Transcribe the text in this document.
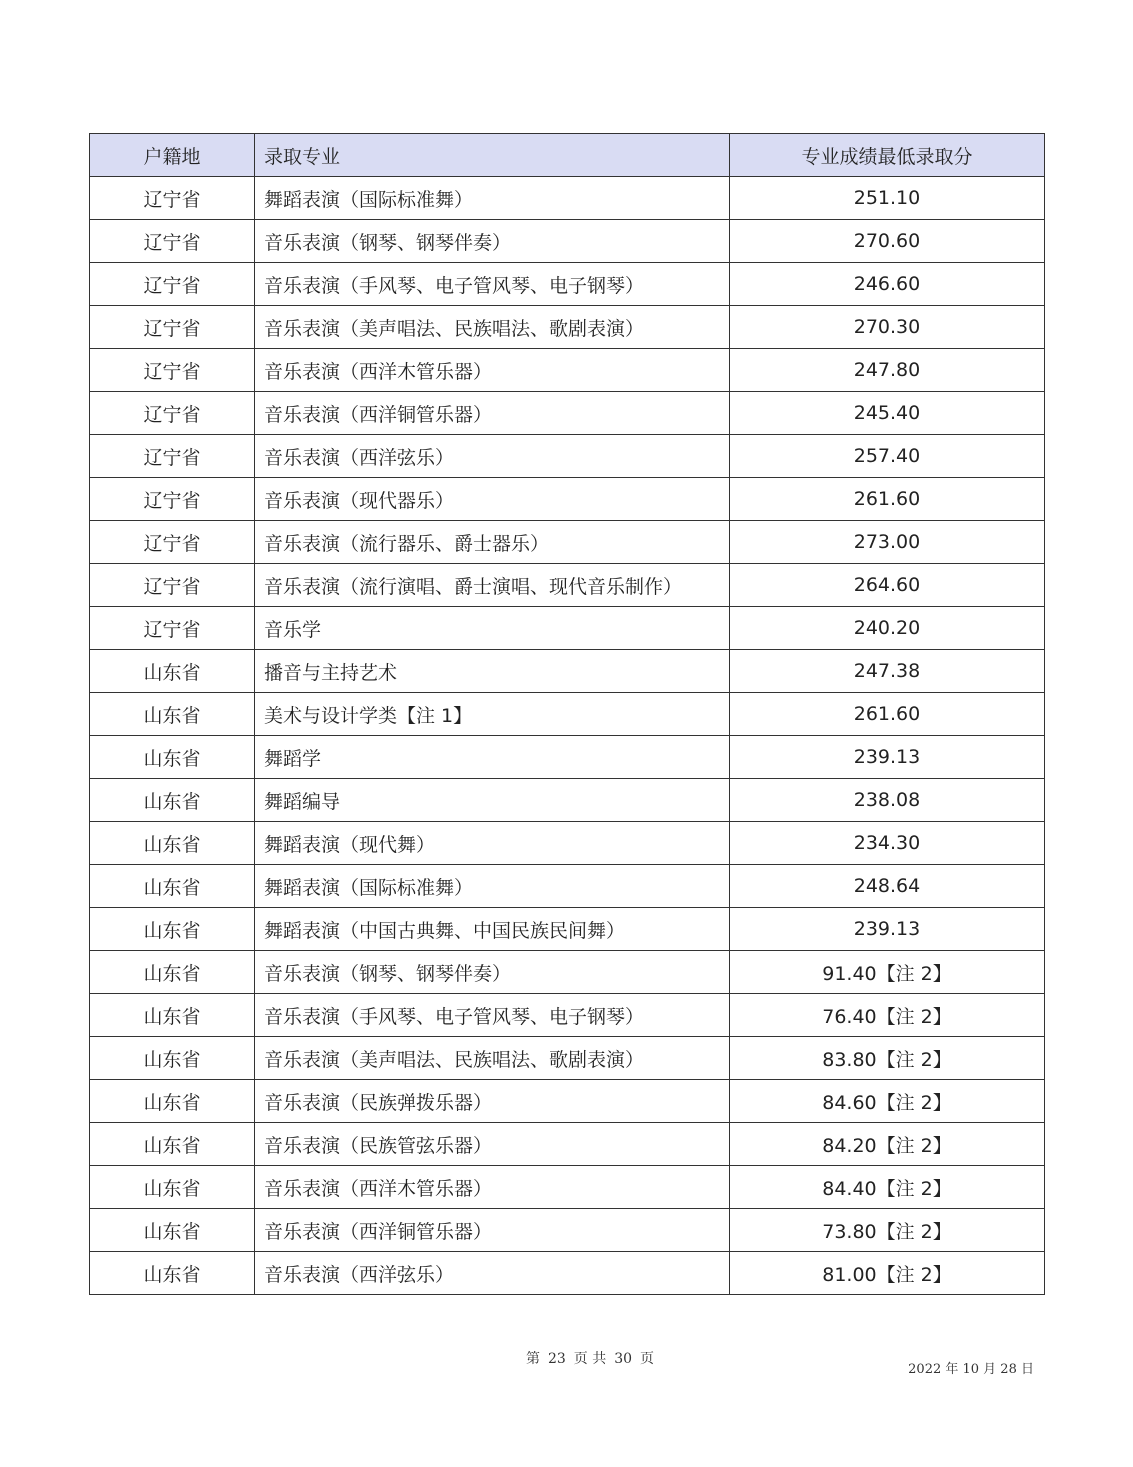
户籍地	录取专业	专业成绩最低录取分
辽宁省	舞蹈表演（国际标准舞）	251.10
辽宁省	音乐表演（钢琴、钢琴伴奏）	270.60
辽宁省	音乐表演（手风琴、电子管风琴、电子钢琴）	246.60
辽宁省	音乐表演（美声唱法、民族唱法、歌剧表演）	270.30
辽宁省	音乐表演（西洋木管乐器）	247.80
辽宁省	音乐表演（西洋铜管乐器）	245.40
辽宁省	音乐表演（西洋弦乐）	257.40
辽宁省	音乐表演（现代器乐）	261.60
辽宁省	音乐表演（流行器乐、爵士器乐）	273.00
辽宁省	音乐表演（流行演唱、爵士演唱、现代音乐制作）	264.60
辽宁省	音乐学	240.20
山东省	播音与主持艺术	247.38
山东省	美术与设计学类【注 1】	261.60
山东省	舞蹈学	239.13
山东省	舞蹈编导	238.08
山东省	舞蹈表演（现代舞）	234.30
山东省	舞蹈表演（国际标准舞）	248.64
山东省	舞蹈表演（中国古典舞、中国民族民间舞）	239.13
山东省	音乐表演（钢琴、钢琴伴奏）	91.40【注 2】
山东省	音乐表演（手风琴、电子管风琴、电子钢琴）	76.40【注 2】
山东省	音乐表演（美声唱法、民族唱法、歌剧表演）	83.80【注 2】
山东省	音乐表演（民族弹拨乐器）	84.60【注 2】
山东省	音乐表演（民族管弦乐器）	84.20【注 2】
山东省	音乐表演（西洋木管乐器）	84.40【注 2】
山东省	音乐表演（西洋铜管乐器）	73.80【注 2】
山东省	音乐表演（西洋弦乐）	81.00【注 2】
第 23 页 共 30 页
2022 年 10 月 28 日
